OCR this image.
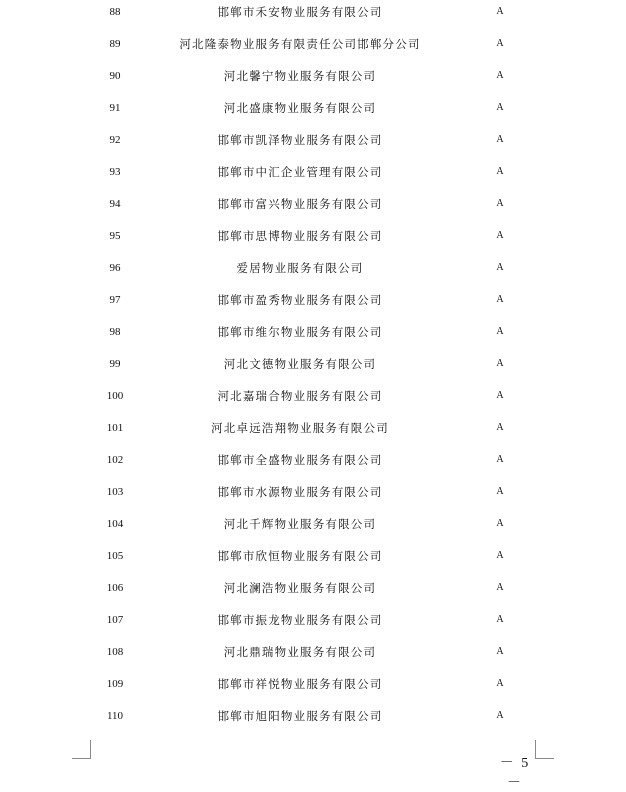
88	邯郸市禾安物业服务有限公司	A
89	河北隆泰物业服务有限责任公司邯郸分公司	A
90	河北馨宁物业服务有限公司	A
91	河北盛康物业服务有限公司	A
92	邯郸市凯泽物业服务有限公司	A
93	邯郸市中汇企业管理有限公司	A
94	邯郸市富兴物业服务有限公司	A
95	邯郸市思博物业服务有限公司	A
96	爱居物业服务有限公司	A
97	邯郸市盈秀物业服务有限公司	A
98	邯郸市维尔物业服务有限公司	A
99	河北文德物业服务有限公司	A
100	河北嘉瑞合物业服务有限公司	A
101	河北卓远浩翔物业服务有限公司	A
102	邯郸市全盛物业服务有限公司	A
103	邯郸市水源物业服务有限公司	A
104	河北千辉物业服务有限公司	A
105	邯郸市欣恒物业服务有限公司	A
106	河北澜浩物业服务有限公司	A
107	邯郸市振龙物业服务有限公司	A
108	河北鼎瑞物业服务有限公司	A
109	邯郸市祥悦物业服务有限公司	A
110	邯郸市旭阳物业服务有限公司	A
－ 5 －
